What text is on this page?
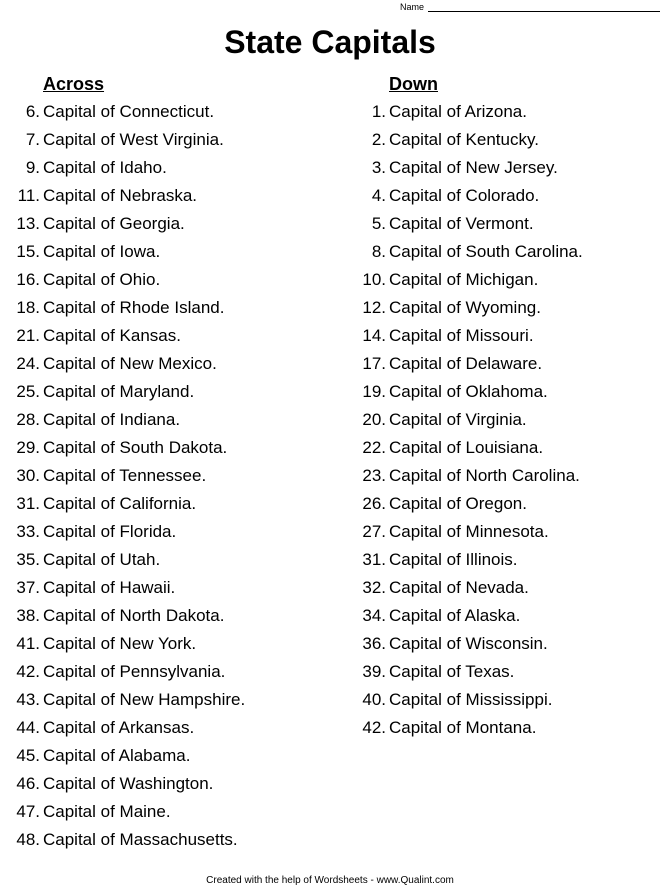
Name
State Capitals
Across
6. Capital of Connecticut.
7. Capital of West Virginia.
9. Capital of Idaho.
11. Capital of Nebraska.
13. Capital of Georgia.
15. Capital of Iowa.
16. Capital of Ohio.
18. Capital of Rhode Island.
21. Capital of Kansas.
24. Capital of New Mexico.
25. Capital of Maryland.
28. Capital of Indiana.
29. Capital of South Dakota.
30. Capital of Tennessee.
31. Capital of California.
33. Capital of Florida.
35. Capital of Utah.
37. Capital of Hawaii.
38. Capital of North Dakota.
41. Capital of New York.
42. Capital of Pennsylvania.
43. Capital of New Hampshire.
44. Capital of Arkansas.
45. Capital of Alabama.
46. Capital of Washington.
47. Capital of Maine.
48. Capital of Massachusetts.
Down
1. Capital of Arizona.
2. Capital of Kentucky.
3. Capital of New Jersey.
4. Capital of Colorado.
5. Capital of Vermont.
8. Capital of South Carolina.
10. Capital of Michigan.
12. Capital of Wyoming.
14. Capital of Missouri.
17. Capital of Delaware.
19. Capital of Oklahoma.
20. Capital of Virginia.
22. Capital of Louisiana.
23. Capital of North Carolina.
26. Capital of Oregon.
27. Capital of Minnesota.
31. Capital of Illinois.
32. Capital of Nevada.
34. Capital of Alaska.
36. Capital of Wisconsin.
39. Capital of Texas.
40. Capital of Mississippi.
42. Capital of Montana.
Created with the help of Wordsheets - www.Qualint.com
